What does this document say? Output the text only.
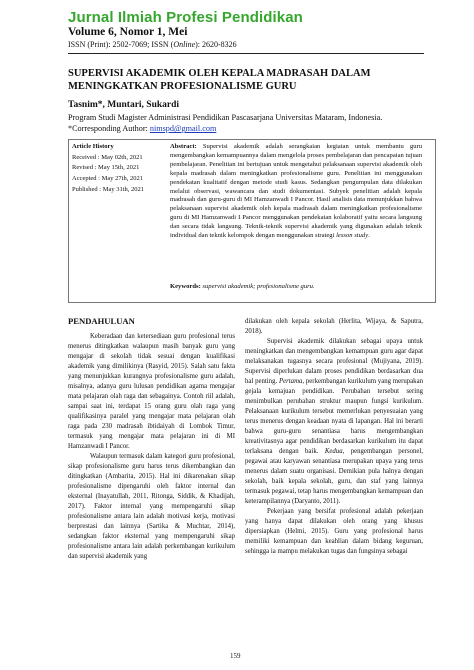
Jurnal Ilmiah Profesi Pendidikan
Volume 6, Nomor 1, Mei
ISSN (Print): 2502-7069; ISSN (Online): 2620-8326
SUPERVISI AKADEMIK OLEH KEPALA MADRASAH DALAM MENINGKATKAN PROFESIONALISME GURU
Tasnim*, Muntari, Sukardi
Program Studi Magister Administrasi Pendidikan Pascasarjana Universitas Mataram, Indonesia.
*Corresponding Author: nimspd@gmail.com
Article History
Received : May 02th, 2021
Revised : May 15th, 2021
Accepted : May 27th, 2021
Published : May 31th, 2021
Abstract: Supervisi akademik adalah serangkaian kegiatan untuk membantu guru mengembangkan kemampuannya dalam mengelola proses pembelajaran dan pencapaian tujuan pembelajaran. Penelitian ini bertujuan untuk mengetahui pelaksanaan supervisi akademik oleh kepala madrasah dalam meningkatkan profesionalisme guru. Penelitian ini menggunakan pendekatan kualitatif dengan metode studi kasus. Sedangkan pengumpulan data dilakukan melalui observasi, wawancara dan studi dokumentasi. Subyek penelitian adalah kepala madrasah dan guru-guru di MI Hamzanwadi I Pancor. Hasil analisis data menunjukkan bahwa pelaksanaan supervisi akademik oleh kepala madrasah dalam meningkatkan profesionalisme guru di MI Hamzanwadi I Pancor menggunakan pendekatan kolaboratif yaitu secara langsung dan secara tidak langsung. Teknik-teknik supervisi akademik yang digunakan adalah teknik individual dan teknik kelompok dengan menggunakan strategi lesson study.
Keywords: supervisi akademik; profesionalisme guru.
PENDAHULUAN

Keberadaan dan ketersediaan guru profesional terus menerus ditingkatkan walaupun masih banyak guru yang mengajar di sekolah tidak sesuai dengan kualifikasi akademik yang dimilikinya (Rasyid, 2015). Salah satu fakta yang menunjukkan kurangnya profesionalisme guru adalah, misalnya, adanya guru lulusan pendidikan agama mengajar mata pelajaran olah raga dan sebagainya. Contoh riil adalah, sampai saat ini, terdapat 15 orang guru olah raga yang qualifikasinya paralel yang mengajar mata pelajaran olah raga pada 230 madrasah ibtidaiyah di Lombok Timur, termasuk yang mengajar mata pelajaran ini di MI Hamzanwadi I Pancor.

Walaupun termasuk dalam kategori guru profesional, sikap profesionalisme guru harus terus dikembangkan dan ditingkatkan (Ambarita, 2015). Hal ini dikarenakan sikap profesionalisme dipengaruhi oleh faktor internal dan eksternal (Inayatullah, 2011, Ritonga, Siddik, & Khadijah, 2017). Faktor internal yang mempengaruhi sikap profesionalisme antara lain adalah motivasi kerja, motivasi berprestasi dan lainnya (Sartika & Muchtar, 2014), sedangkan faktor eksternal yang mempengaruhi sikap profesionalisme antara lain adalah perkembangan kurikulum dan supervisi akademik yang

dilakukan oleh kepala sekolah (Herlita, Wijaya, & Saputra, 2018).

Supervisi akademik dilakukan sebagai upaya untuk meningkatkan dan mengembangkan kemampuan guru agar dapat melaksanakan tugasnya secara profesional (Mujiyana, 2019). Supervisi diperlukan dalam proses pendidikan berdasarkan dua hal penting. Pertama, perkembangan kurikulum yang merupakan gejala kemajuan pendidikan. Perubahan tersebut sering menimbulkan perubahan struktur maupun fungsi kurikulum. Pelaksanaan kurikulum tersebut memerlukan penyesuaian yang terus menerus dengan keadaan nyata di lapangan. Hal ini berarti bahwa guru-guru senantiasa harus mengembangkan kreativitasnya agar pendidikan berdasarkan kurikulum itu dapat terlaksana dengan baik. Kedua, pengembangan personel, pegawai atau karyawan senantiasa merupakan upaya yang terus menerus dalam suatu organisasi. Demikian pula halnya dengan sekolah, baik kepala sekolah, guru, dan staf yang lainnya termasuk pegawai, tetap harus mengembangkan kemampuan dan keterampilannya (Daryanto, 2011).

Pekerjaan yang bersifat profesional adalah pekerjaan yang hanya dapat dilakukan oleh orang yang khusus dipersiapkan (Helmi, 2015). Guru yang profesional harus memiliki kemampuan dan keahlian dalam bidang keguruan, sehingga ia mampu melakukan tugas dan fungsinya sebagai

159
